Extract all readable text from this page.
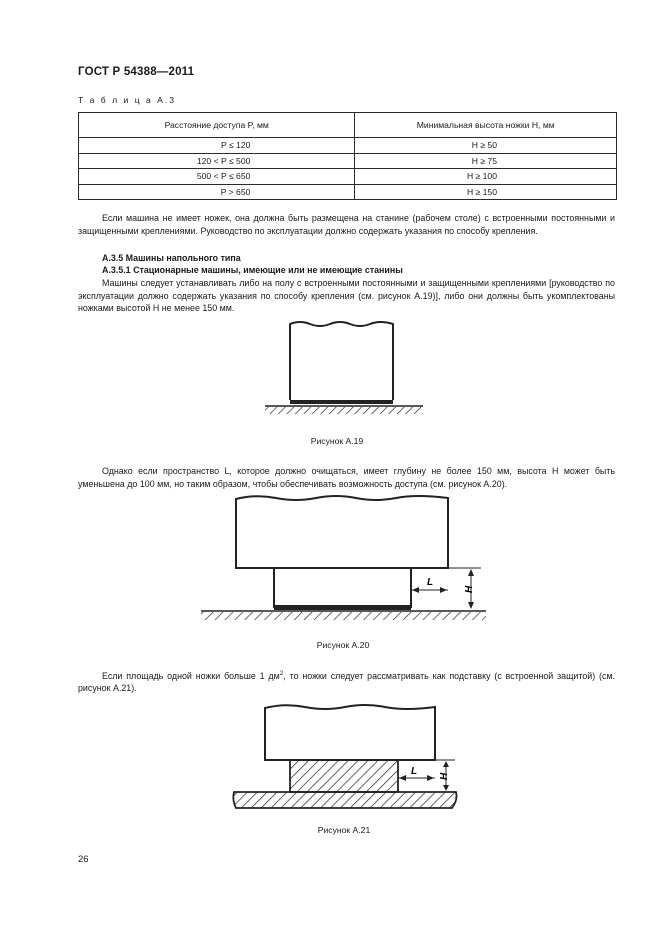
ГОСТ Р 54388—2011
Т а б л и ц а А.3
Расстояние доступа P, мм	Минимальная высота ножки H, мм
P ≤ 120	H ≥ 50
120 < P ≤ 500	H ≥ 75
500 < P ≤ 650	H ≥ 100
P > 650	H ≥ 150
Если машина не имеет ножек, она должна быть размещена на станине (рабочем столе) с встроенными постоянными и защищенными креплениями. Руководство по эксплуатации должно содержать указания по способу крепления.
А.3.5 Машины напольного типа
А.3.5.1 Стационарные машины, имеющие или не имеющие станины
Машины следует устанавливать либо на полу с встроенными постоянными и защищенными креплениями [руководство по эксплуатации должно содержать указания по способу крепления (см. рисунок А.19)], либо они должны быть укомплектованы ножками высотой H не менее 150 мм.
Рисунок А.19
Однако если пространство L, которое должно очищаться, имеет глубину не более 150 мм, высота H может быть уменьшена до 100 мм, но таким образом, чтобы обеспечивать возможность доступа (см. рисунок А.20).
L
H
Рисунок А.20
Если площадь одной ножки больше 1 $дм^2$, то ножки следует рассматривать как подставку (с встроенной защитой) (см. рисунок А.21).
L H
Рисунок А.21
26
